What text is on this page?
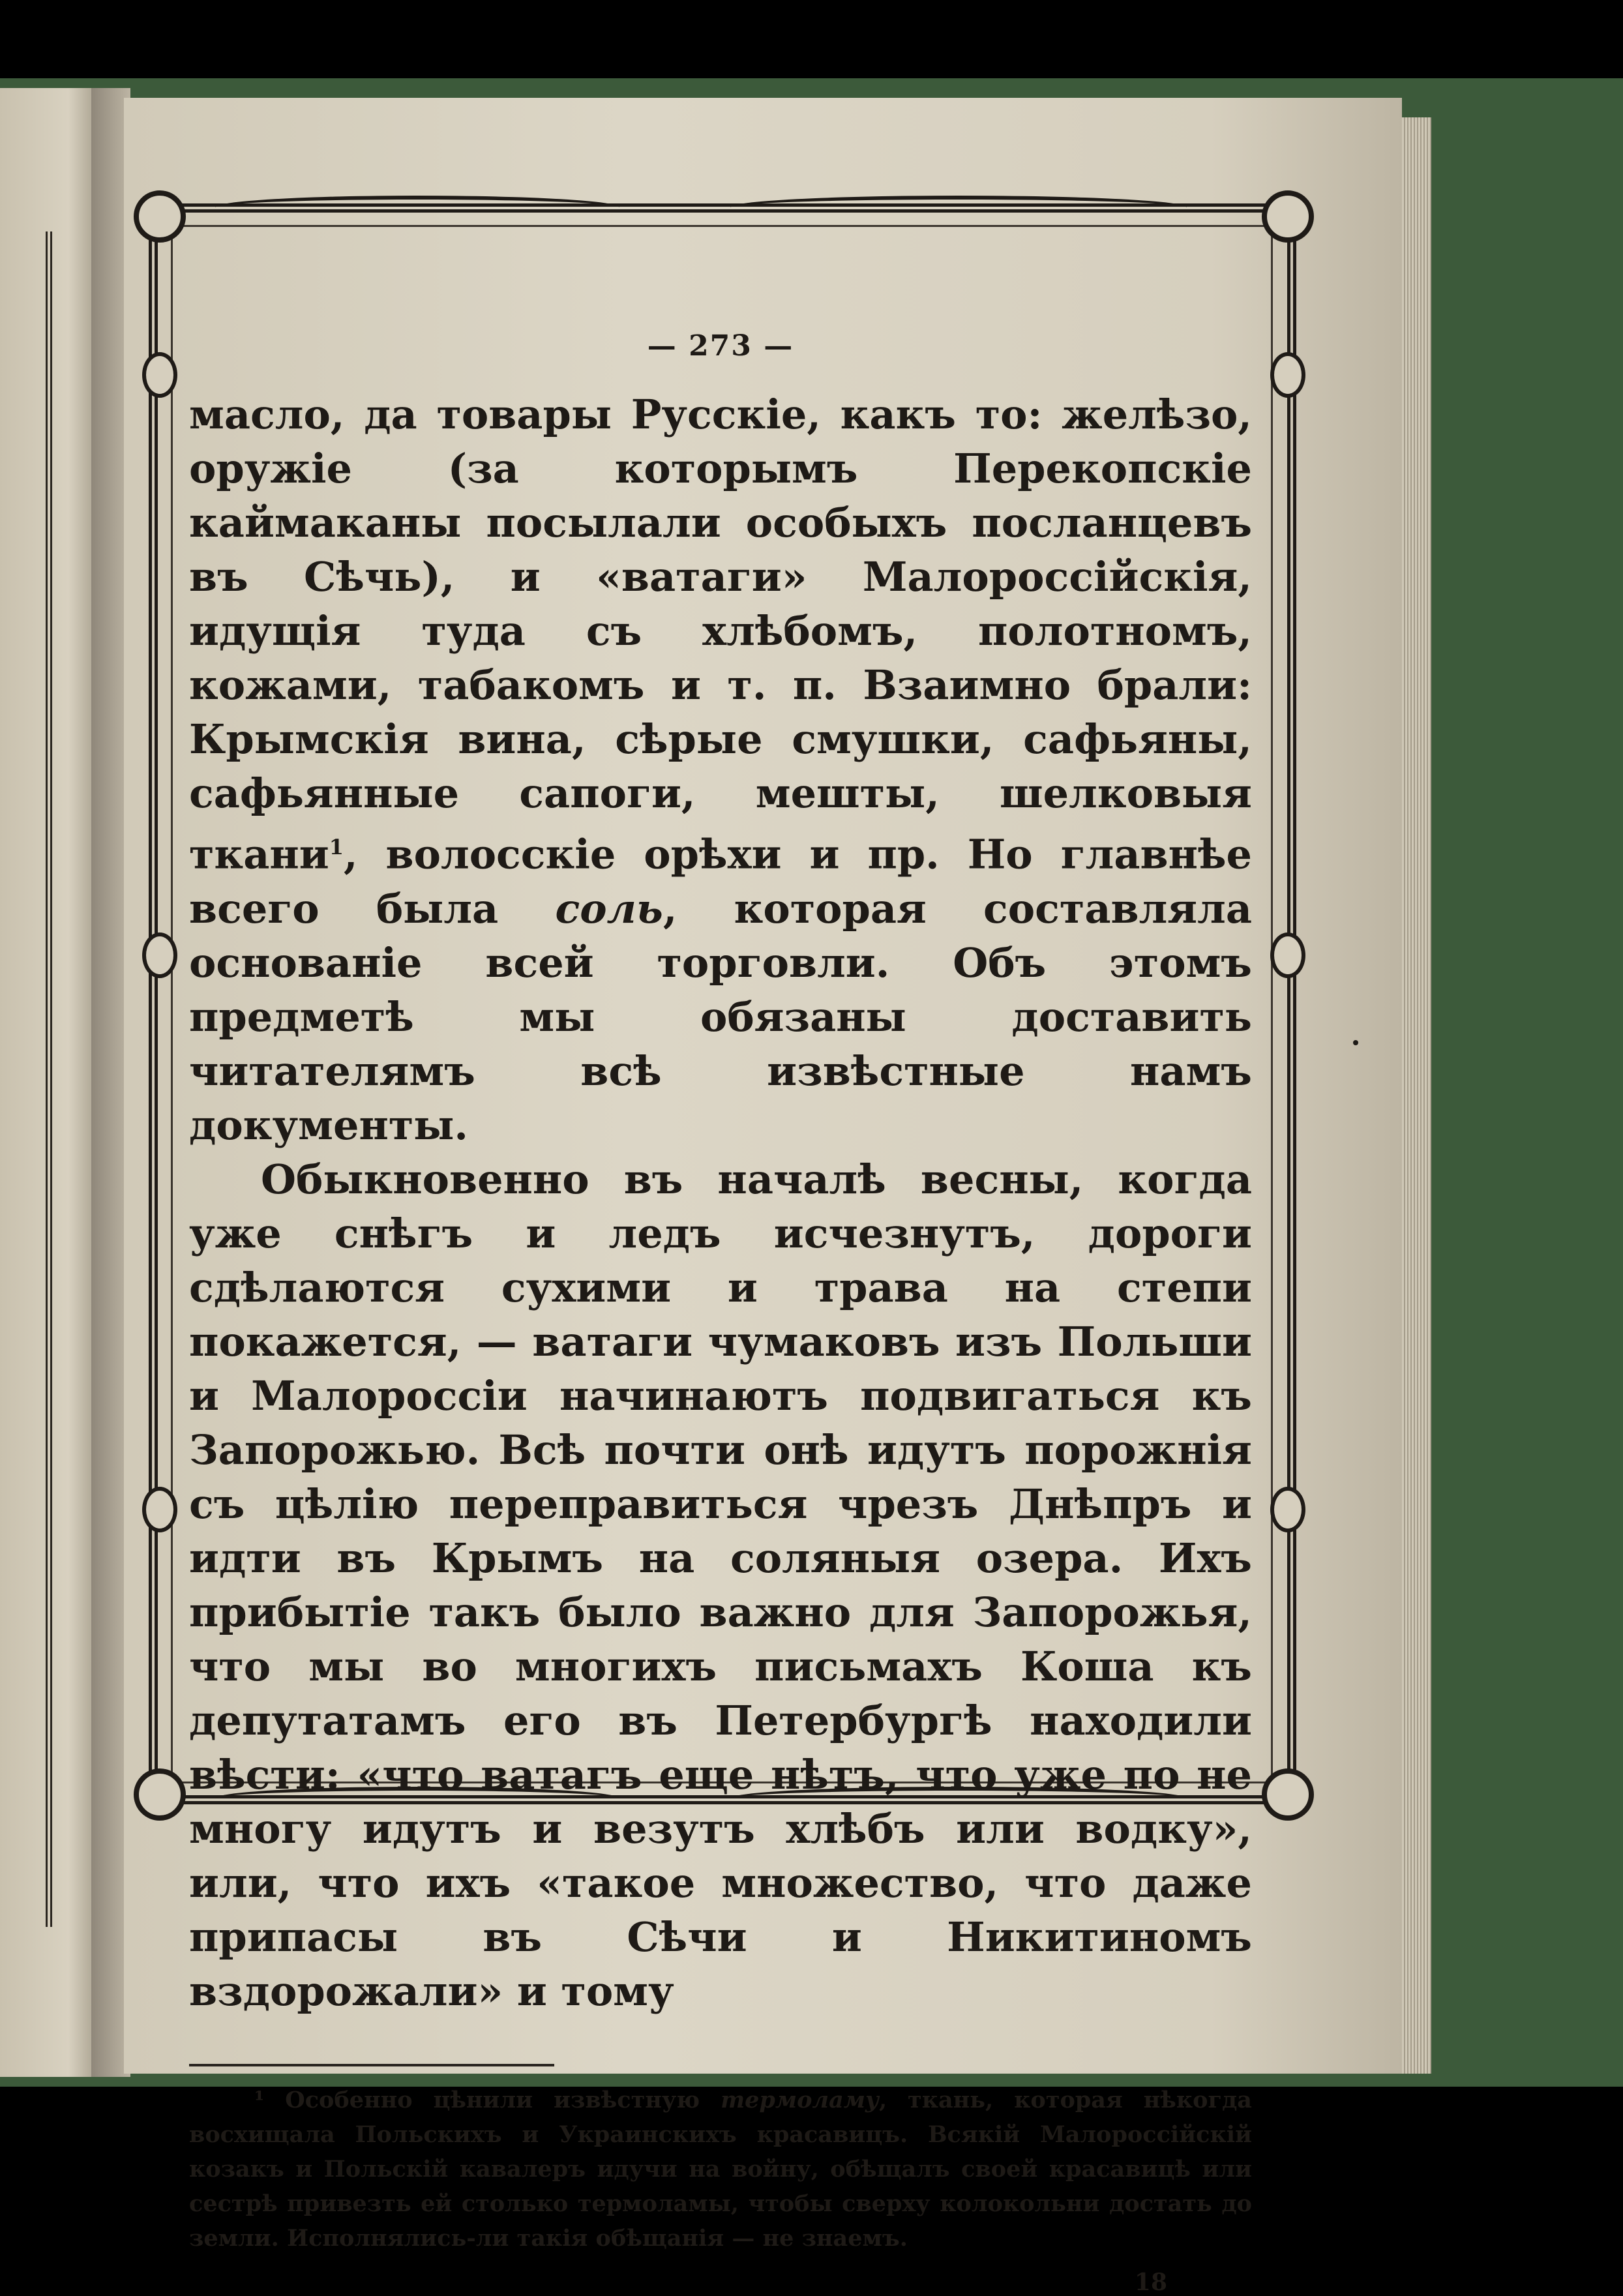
— 273 —

масло, да товары Русскіе, какъ то: желѣзо, оружіе (за которымъ Перекопскіе каймаканы посылали особыхъ посланцевъ въ Сѣчь), и «ватаги» Малороссійскія, идущія туда съ хлѣбомъ, полотномъ, кожами, табакомъ и т. п. Взаимно брали: Крымскія вина, сѣрые смушки, сафьяны, сафьянные сапоги, мешты, шелковыя ткани$^1$, волосскіе орѣхи и пр. Но главнѣе всего была соль, которая составляла основаніе всей торговли. Объ этомъ предметѣ мы обязаны доставить читателямъ всѣ извѣстные намъ документы.

Обыкновенно въ началѣ весны, когда уже снѣгъ и ледъ исчезнутъ, дороги сдѣлаются сухими и трава на степи покажется, — ватаги чумаковъ изъ Польши и Малороссіи начинаютъ подвигаться къ Запорожью. Всѣ почти онѣ идутъ порожнія съ цѣлію переправиться чрезъ Днѣпръ и идти въ Крымъ на соляныя озера. Ихъ прибытіе такъ было важно для Запорожья, что мы во многихъ письмахъ Коша къ депутатамъ его въ Петербургѣ находили вѣсти: «что ватагъ еще нѣтъ, что уже по не многу идутъ и везутъ хлѣбъ или водку», или, что ихъ «такое множество, что даже припасы въ Сѣчи и Никитиномъ вздорожали» и тому

¹ Особенно цѣнили извѣстную термоламу, ткань, которая нѣкогда восхищала Польскихъ и Украинскихъ красавицъ. Всякій Малороссійскій козакъ и Польскій кавалеръ идучи на войну, обѣщалъ своей красавицѣ или сестрѣ привезть ей столько термоламы, чтобы сверху колокольни достать до земли. Исполнялись-ли такія обѣщанія — не знаемъ.
18
